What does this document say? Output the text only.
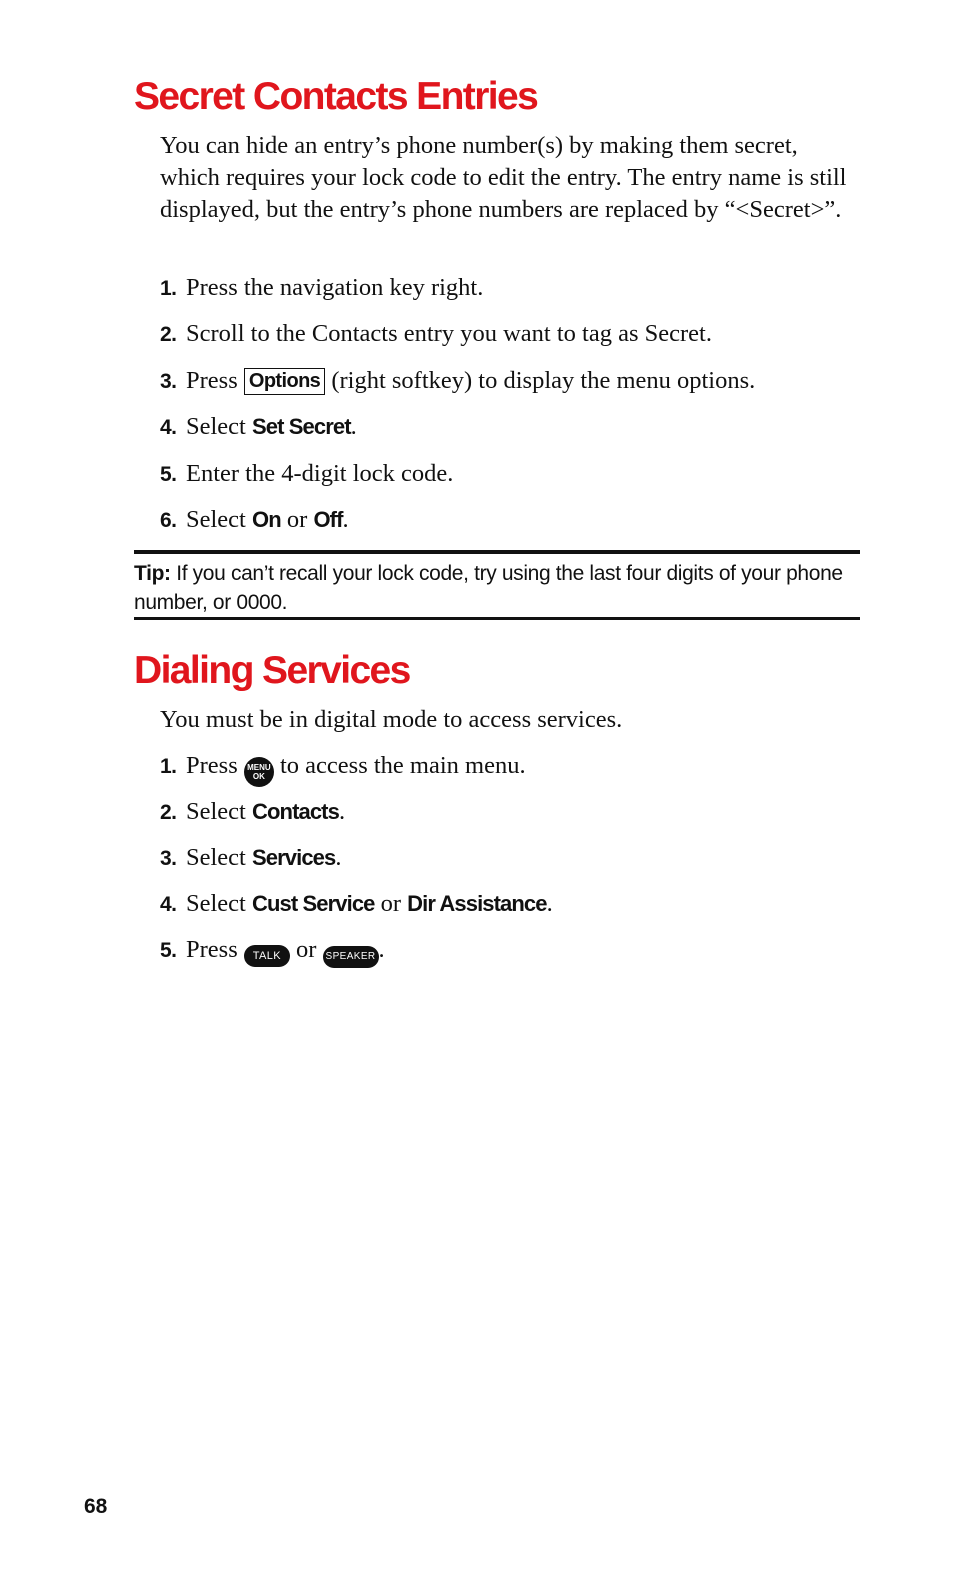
Secret Contacts Entries

You can hide an entry’s phone number(s) by making them secret, which requires your lock code to edit the entry. The entry name is still displayed, but the entry’s phone numbers are replaced by “<Secret>”.

1. Press the navigation key right.
2. Scroll to the Contacts entry you want to tag as Secret.
3. Press Options (right softkey) to display the menu options.
4. Select Set Secret.
5. Enter the 4-digit lock code.
6. Select On or Off.

Tip: If you can’t recall your lock code, try using the last four digits of your phone number, or 0000.

Dialing Services

You must be in digital mode to access services.

1. Press MENU
OK to access the main menu.
2. Select Contacts.
3. Select Services.
4. Select Cust Service or Dir Assistance.
5. Press TALK or SPEAKER .
68
